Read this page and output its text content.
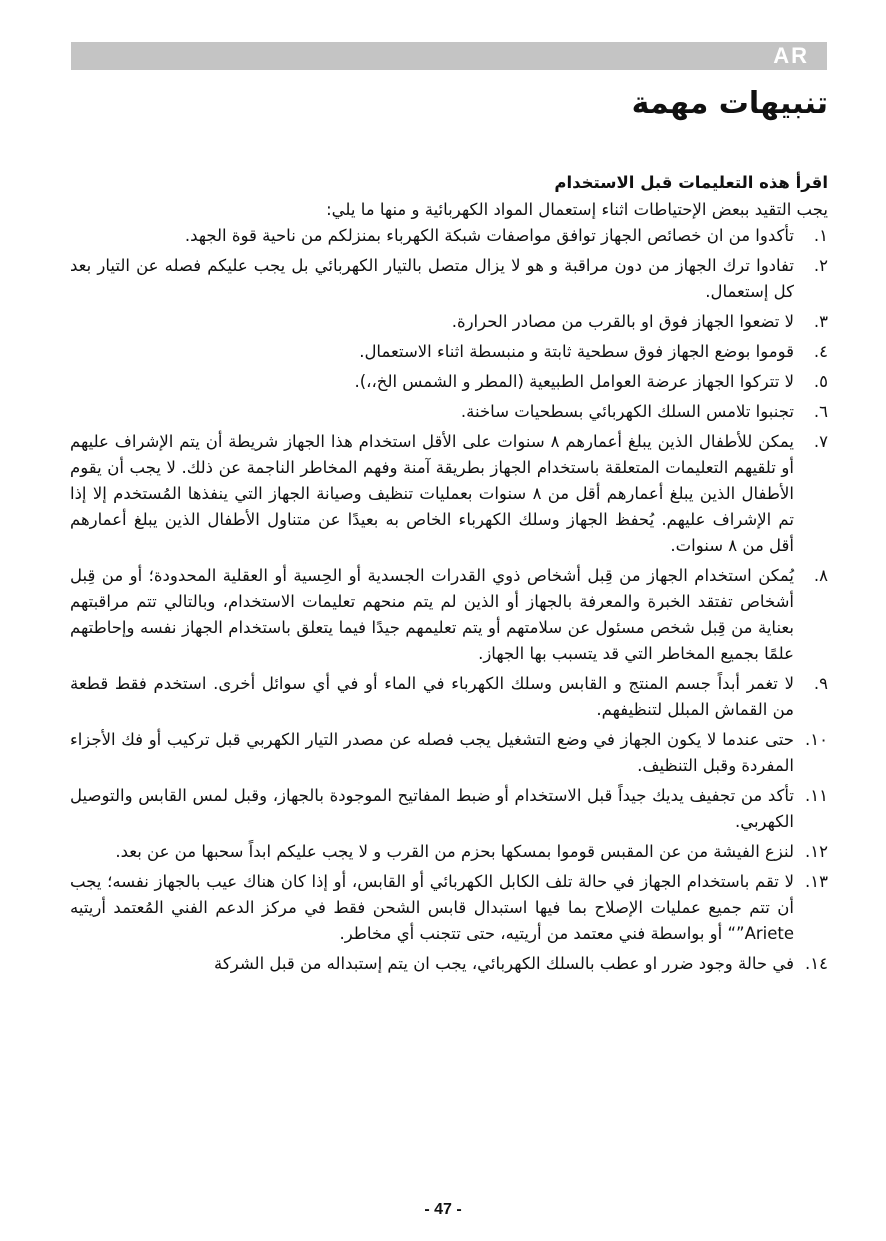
AR
تنبيهات مهمة

اقرأ هذه التعليمات قبل الاستخدام

يجب التقيد ببعض الإحتياطات اثناء إستعمال المواد الكهربائية و منها ما يلي:

١.
تأكدوا من ان خصائص الجهاز توافق مواصفات شبكة الكهرباء بمنزلكم من ناحية قوة الجهد.
٢.
تفادوا ترك الجهاز من دون مراقبة و هو لا يزال متصل بالتيار الكهربائي بل يجب عليكم فصله عن التيار بعد كل إستعمال.
٣.
لا تضعوا الجهاز فوق او بالقرب من مصادر الحرارة.
٤.
قوموا بوضع الجهاز فوق سطحية ثابتة و منبسطة اثناء الاستعمال.
٥.
لا تتركوا الجهاز عرضة العوامل الطبيعية (المطر و الشمس الخ،،).
٦.
تجنبوا تلامس السلك الكهربائي بسطحيات ساخنة.
٧.
يمكن للأطفال الذين يبلغ أعمارهم ٨ سنوات على الأقل استخدام هذا الجهاز شريطة أن يتم الإشراف عليهم أو تلقيهم التعليمات المتعلقة باستخدام الجهاز بطريقة آمنة وفهم المخاطر الناجمة عن ذلك. لا يجب أن يقوم الأطفال الذين يبلغ أعمارهم أقل من ٨ سنوات بعمليات تنظيف وصيانة الجهاز التي ينفذها المُستخدم إلا إذا تم الإشراف عليهم. يُحفظ الجهاز وسلك الكهرباء الخاص به بعيدًا عن متناول الأطفال الذين يبلغ أعمارهم أقل من ٨ سنوات.
٨.
يُمكن استخدام الجهاز من قِبل أشخاص ذوي القدرات الجسدية أو الحِسية أو العقلية المحدودة؛ أو من قِبل أشخاص تفتقد الخبرة والمعرفة بالجهاز أو الذين لم يتم منحهم تعليمات الاستخدام، وبالتالي تتم مراقبتهم بعناية من قِبل شخص مسئول عن سلامتهم أو يتم تعليمهم جيدًا فيما يتعلق باستخدام الجهاز نفسه وإحاطتهم علمًا بجميع المخاطر التي قد يتسبب بها الجهاز.
٩.
لا تغمر أبداً جسم المنتج و القابس وسلك الكهرباء في الماء أو في أي سوائل أخرى. استخدم فقط قطعة من القماش المبلل لتنظيفهم.
١٠.
حتى عندما لا يكون الجهاز في وضع التشغيل يجب فصله عن مصدر التيار الكهربي قبل تركيب أو فك الأجزاء المفردة وقبل التنظيف.
١١.
تأكد من تجفيف يديك جيداً قبل الاستخدام أو ضبط المفاتيح الموجودة بالجهاز، وقبل لمس القابس والتوصيل الكهربي.
١٢.
لنزع الفيشة من عن المقبس قوموا بمسكها بحزم من القرب و لا يجب عليكم ابداً سحبها من عن بعد.
١٣.
لا تقم باستخدام الجهاز في حالة تلف الكابل الكهربائي أو القابس، أو إذا كان هناك عيب بالجهاز نفسه؛ يجب أن تتم جميع عمليات الإصلاح بما فيها استبدال قابس الشحن فقط في مركز الدعم الفني المُعتمد أريتيه Ariete”“ أو بواسطة فني معتمد من أريتيه، حتى تتجنب أي مخاطر.
١٤.
في حالة وجود ضرر او عطب بالسلك الكهربائي، يجب ان يتم إستبداله من قبل الشركة
- 47 -
